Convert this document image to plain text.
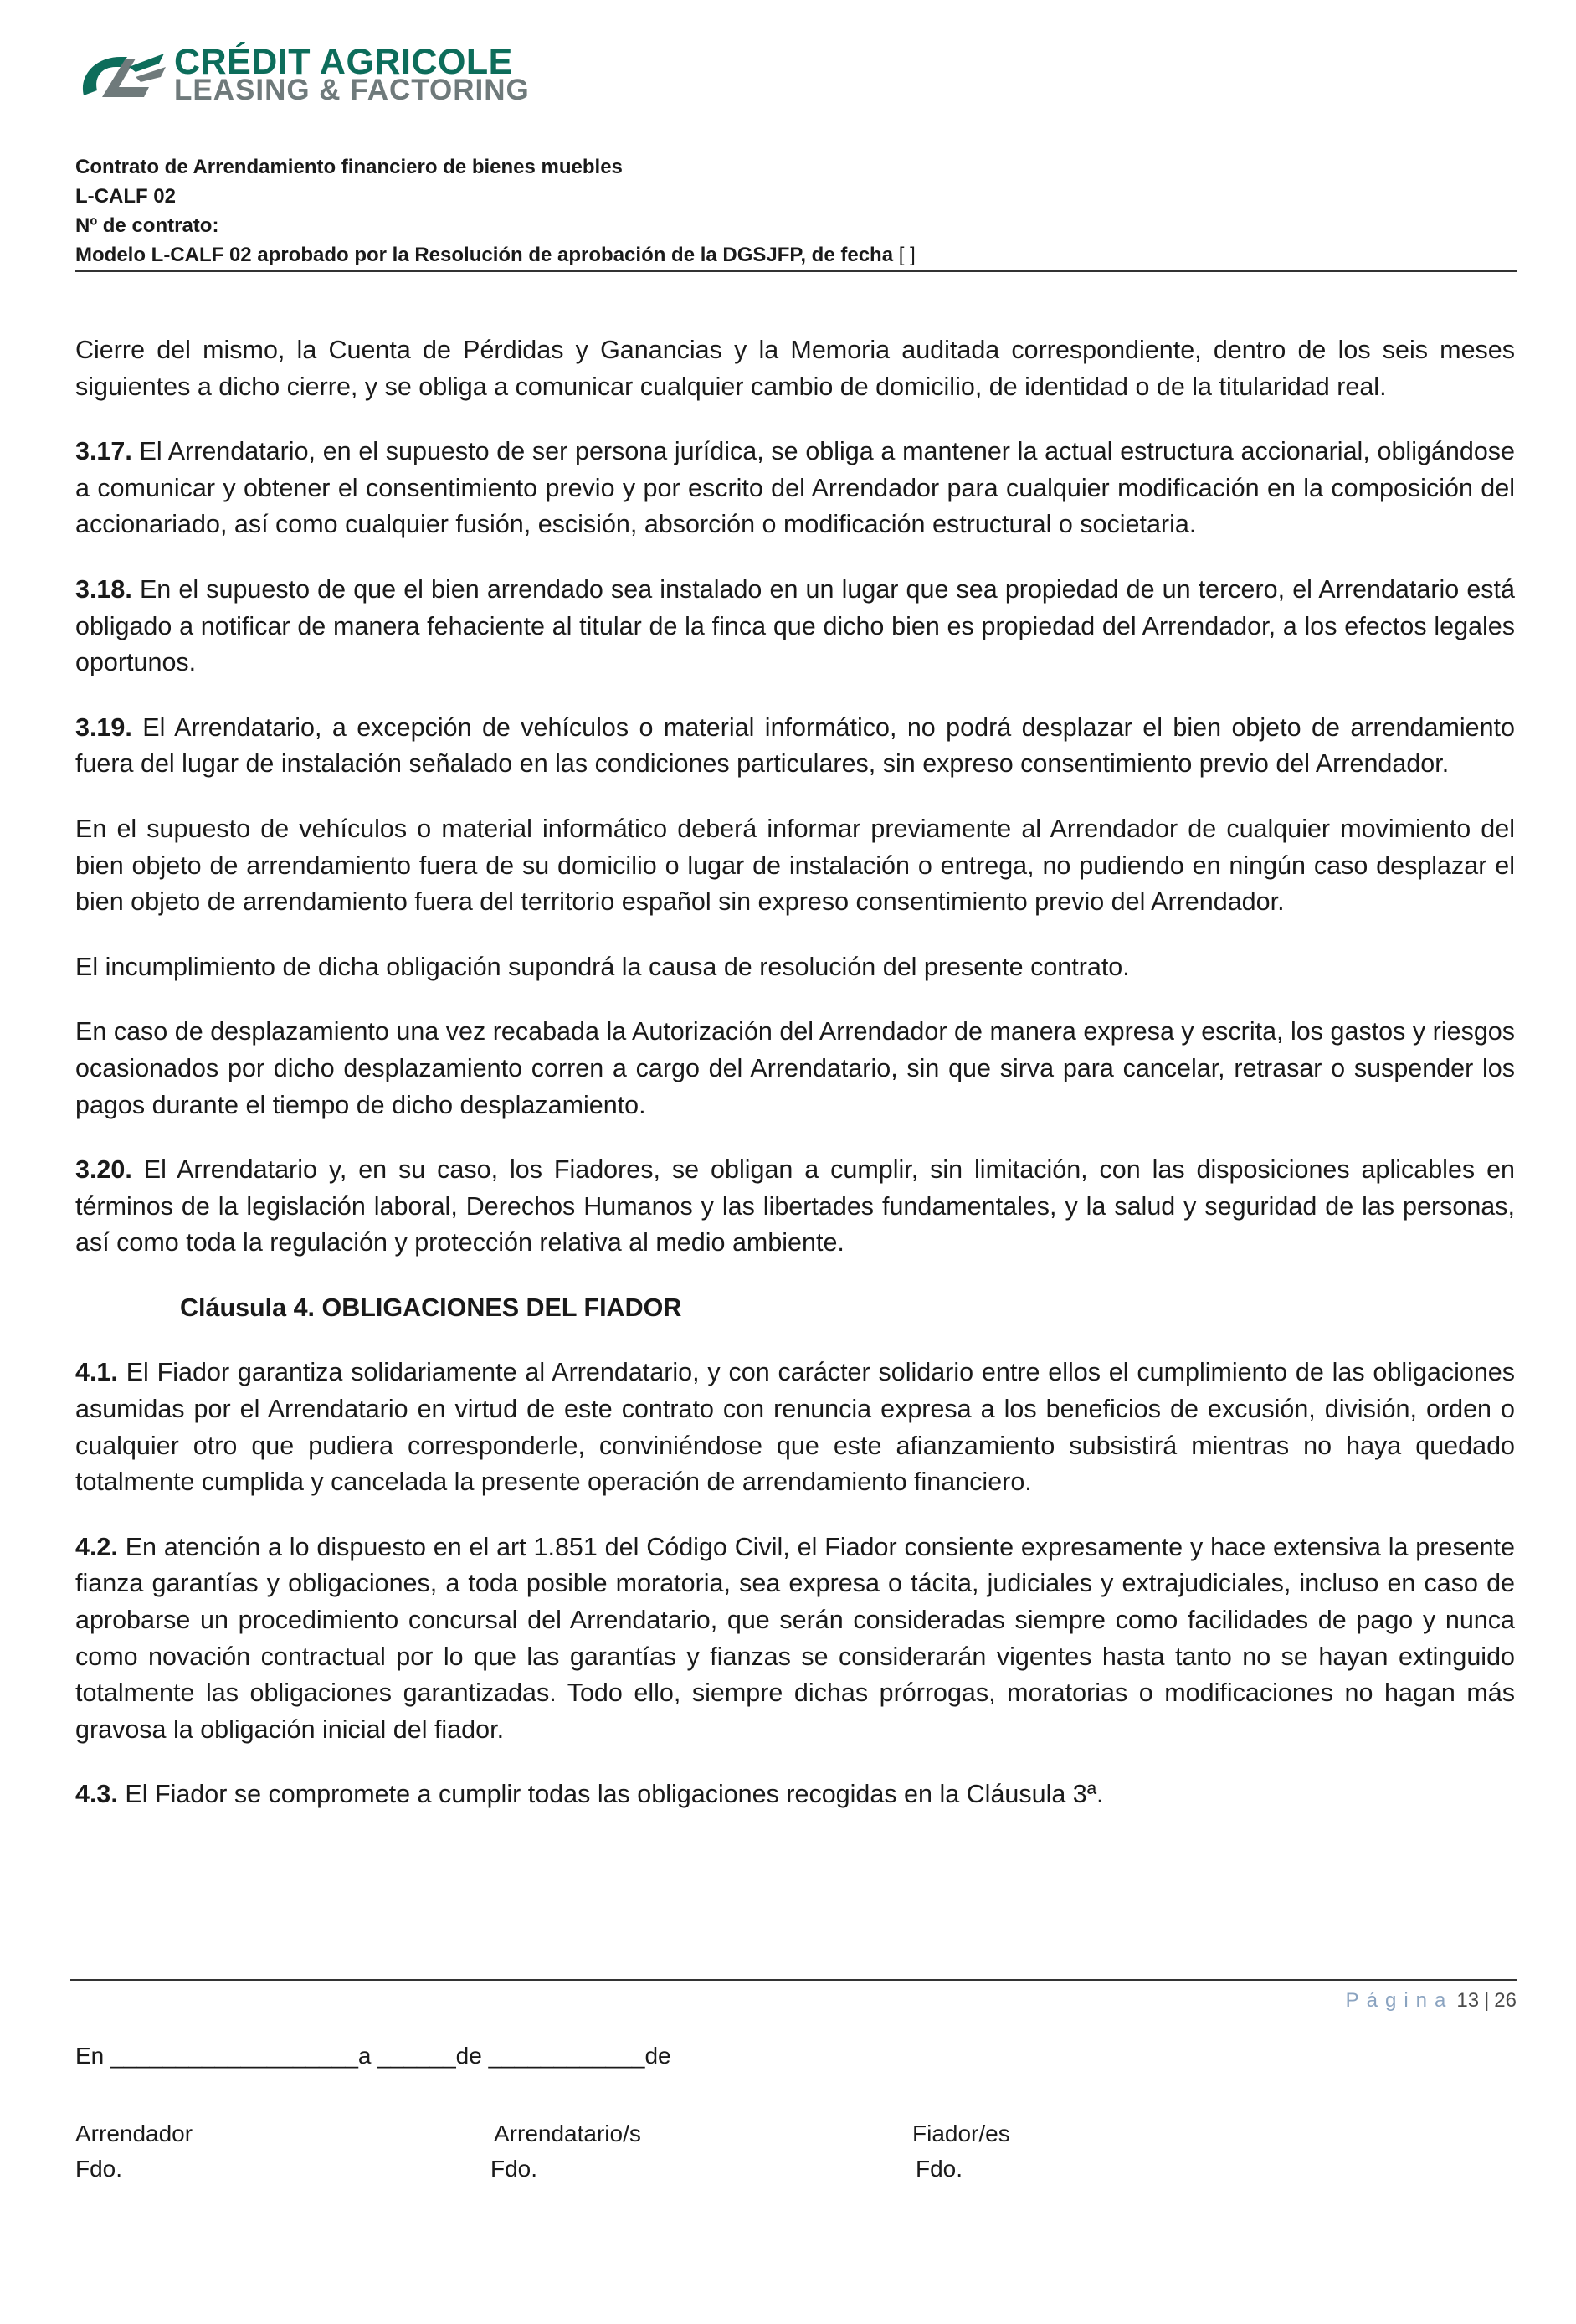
CRÉDIT AGRICOLE
LEASING & FACTORING
Contrato de Arrendamiento financiero de bienes muebles
L-CALF 02
Nº de contrato:
Modelo L-CALF 02 aprobado por la Resolución de aprobación de la DGSJFP, de fecha [ ]

Cierre del mismo, la Cuenta de Pérdidas y Ganancias y la Memoria auditada correspondiente, dentro de los seis meses siguientes a dicho cierre, y se obliga a comunicar cualquier cambio de domicilio, de identidad o de la titularidad real.

3.17. El Arrendatario, en el supuesto de ser persona jurídica, se obliga a mantener la actual estructura accionarial, obligándose a comunicar y obtener el consentimiento previo y por escrito del Arrendador para cualquier modificación en la composición del accionariado, así como cualquier fusión, escisión, absorción o modificación estructural o societaria.

3.18. En el supuesto de que el bien arrendado sea instalado en un lugar que sea propiedad de un tercero, el Arrendatario está obligado a notificar de manera fehaciente al titular de la finca que dicho bien es propiedad del Arrendador, a los efectos legales oportunos.

3.19. El Arrendatario, a excepción de vehículos o material informático, no podrá desplazar el bien objeto de arrendamiento fuera del lugar de instalación señalado en las condiciones particulares, sin expreso consentimiento previo del Arrendador.

En el supuesto de vehículos o material informático deberá informar previamente al Arrendador de cualquier movimiento del bien objeto de arrendamiento fuera de su domicilio o lugar de instalación o entrega, no pudiendo en ningún caso desplazar el bien objeto de arrendamiento fuera del territorio español sin expreso consentimiento previo del Arrendador.

El incumplimiento de dicha obligación supondrá la causa de resolución del presente contrato.

En caso de desplazamiento una vez recabada la Autorización del Arrendador de manera expresa y escrita, los gastos y riesgos ocasionados por dicho desplazamiento corren a cargo del Arrendatario, sin que sirva para cancelar, retrasar o suspender los pagos durante el tiempo de dicho desplazamiento.

3.20. El Arrendatario y, en su caso, los Fiadores, se obligan a cumplir, sin limitación, con las disposiciones aplicables en términos de la legislación laboral, Derechos Humanos y las libertades fundamentales, y la salud y seguridad de las personas, así como toda la regulación y protección relativa al medio ambiente.

Cláusula 4. OBLIGACIONES DEL FIADOR

4.1. El Fiador garantiza solidariamente al Arrendatario, y con carácter solidario entre ellos el cumplimiento de las obligaciones asumidas por el Arrendatario en virtud de este contrato con renuncia expresa a los beneficios de excusión, división, orden o cualquier otro que pudiera corresponderle, conviniéndose que este afianzamiento subsistirá mientras no haya quedado totalmente cumplida y cancelada la presente operación de arrendamiento financiero.

4.2. En atención a lo dispuesto en el art 1.851 del Código Civil, el Fiador consiente expresamente y hace extensiva la presente fianza garantías y obligaciones, a toda posible moratoria, sea expresa o tácita, judiciales y extrajudiciales, incluso en caso de aprobarse un procedimiento concursal del Arrendatario, que serán consideradas siempre como facilidades de pago y nunca como novación contractual por lo que las garantías y fianzas se considerarán vigentes hasta tanto no se hayan extinguido totalmente las obligaciones garantizadas. Todo ello, siempre dichas prórrogas, moratorias o modificaciones no hagan más gravosa la obligación inicial del fiador.

4.3. El Fiador se compromete a cumplir todas las obligaciones recogidas en la Cláusula 3ª.

Página 13 | 26
En ___________________a ______de ____________de
Arrendador
Fdo.
Arrendatario/s
Fdo.
Fiador/es
Fdo.
